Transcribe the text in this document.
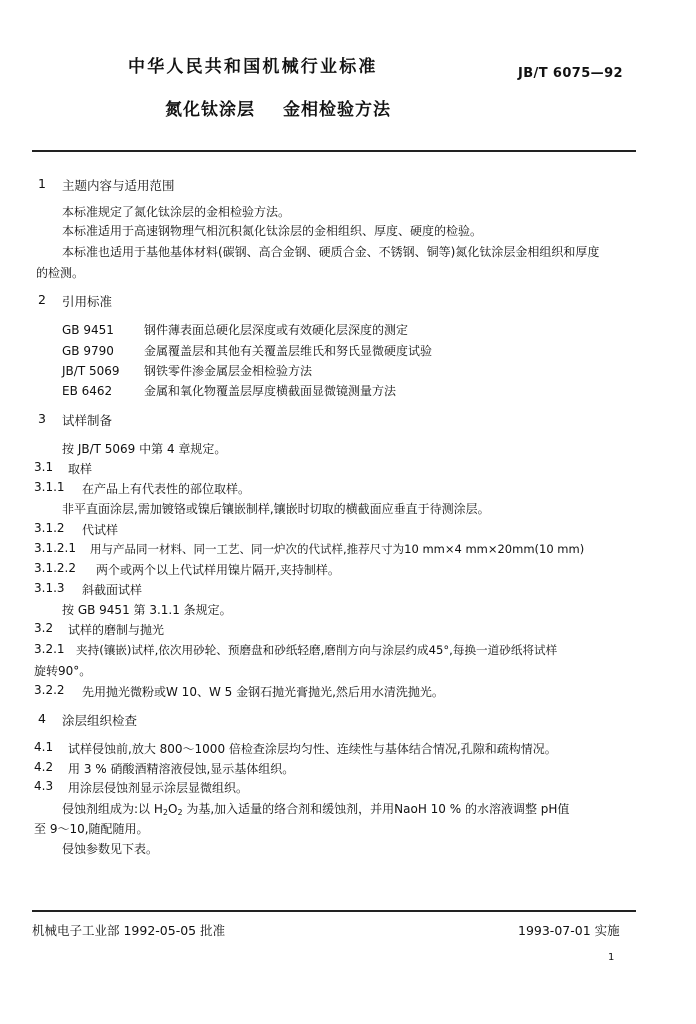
中华人民共和国机械行业标准	JB/T 6075—92
氮化钛涂层 金相检验方法
1 主题内容与适用范围
本标准规定了氮化钛涂层的金相检验方法。
本标准适用于高速钢物理气相沉积氮化钛涂层的金相组织、厚度、硬度的检验。
本标准也适用于基他基体材料(碳钢、高合金钢、硬质合金、不锈钢、铜等)氮化钛涂层金相组织和厚度
的检测。
2 引用标准
GB 9451	钢件薄表面总硬化层深度或有效硬化层深度的测定
GB 9790	金属覆盖层和其他有关覆盖层维氏和努氏显微硬度试验
JB/T 5069 钢铁零件渗金属层金相检验方法
EB 6462	金属和氧化物覆盖层厚度横截面显微镜测量方法
3 试样制备
按 JB/T 5069 中第 4 章规定。
3.1 取样
3.1.1 在产品上有代表性的部位取样。
非平直面涂层,需加镀铬或镍后镶嵌制样,镶嵌时切取的横截面应垂直于待测涂层。
3.1.2 代试样
3.1.2.1 用与产品同一材料、同一工艺、同一炉次的代试样,推荐尺寸为10 mm×4 mm×20mm(10 mm)
3.1.2.2 两个或两个以上代试样用镍片隔开,夹持制样。
3.1.3 斜截面试样
按 GB 9451 第 3.1.1 条规定。
3.2 试样的磨制与抛光
3.2.1 夹持(镶嵌)试样,依次用砂轮、预磨盘和砂纸轻磨,磨削方向与涂层约成45°,每换一道砂纸将试样
旋转90°。
3.2.2 先用抛光微粉或W 10、W 5 金钢石抛光膏抛光,然后用水清洗抛光。
4 涂层组织检查
4.1 试样侵蚀前,放大 800～1000 倍检查涂层均匀性、连续性与基体结合情况,孔隙和疏构情况。
4.2 用 3 % 硝酸酒精溶液侵蚀,显示基体组织。
4.3 用涂层侵蚀剂显示涂层显微组织。
侵蚀剂组成为:以 $H_2O_2$ 为基,加入适量的络合剂和缓蚀剂，并用NaoH 10 % 的水溶液调整 pH值
至 9～10,随配随用。
侵蚀参数见下表。
机械电子工业部 1992-05-05 批准	1993-07-01 实施
1
